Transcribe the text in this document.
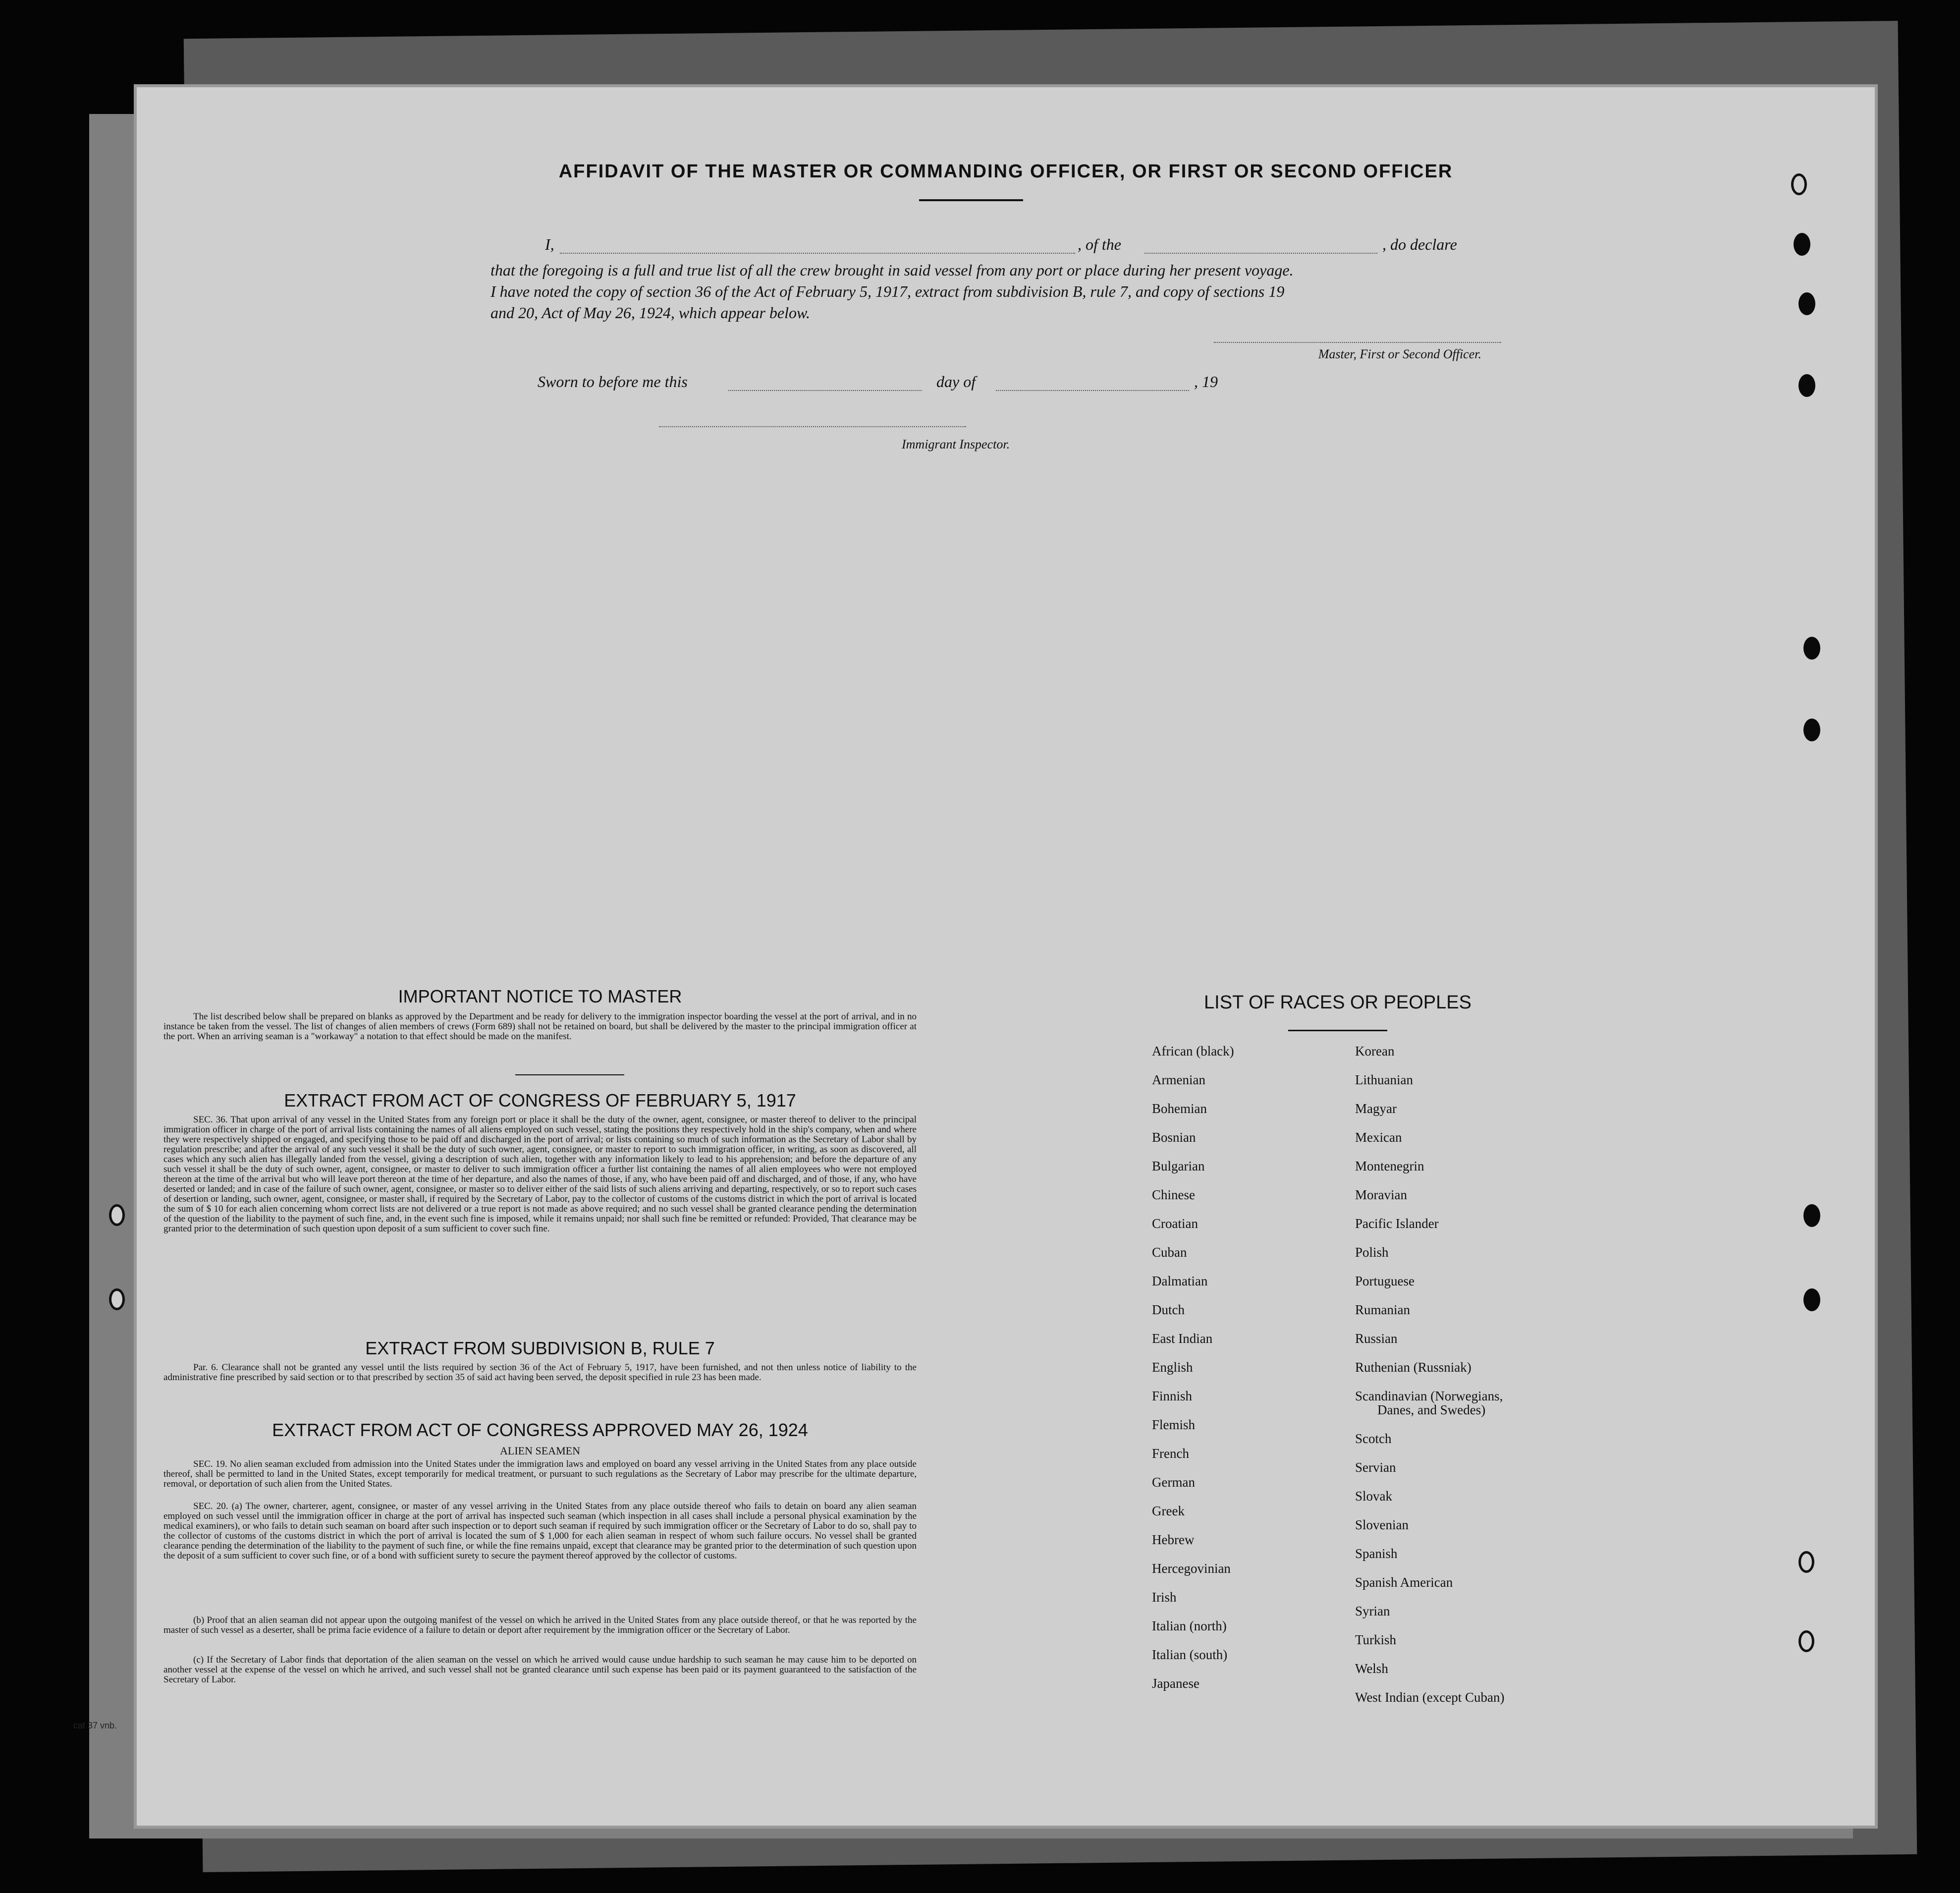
AFFIDAVIT OF THE MASTER OR COMMANDING OFFICER, OR FIRST OR SECOND OFFICER
I,	, of the	, do declare
that the foregoing is a full and true list of all the crew brought in said vessel from any port or place during her present voyage.
I have noted the copy of section 36 of the Act of February 5, 1917, extract from subdivision B, rule 7, and copy of sections 19
and 20, Act of May 26, 1924, which appear below.
Master, First or Second Officer.
Sworn to before me this	day of	, 19
Immigrant Inspector.
IMPORTANT NOTICE TO MASTER
The list described below shall be prepared on blanks as approved by the Department and be ready for delivery to the immigration inspector boarding the vessel at the port of arrival, and in no instance be taken from the vessel. The list of changes of alien members of crews (Form 689) shall not be retained on board, but shall be delivered by the master to the principal immigration officer at the port. When an arriving seaman is a "workaway" a notation to that effect should be made on the manifest.
EXTRACT FROM ACT OF CONGRESS OF FEBRUARY 5, 1917
SEC. 36. That upon arrival of any vessel in the United States from any foreign port or place it shall be the duty of the owner, agent, consignee, or master thereof to deliver to the principal immigration officer in charge of the port of arrival lists containing the names of all aliens employed on such vessel, stating the positions they respectively hold in the ship's company, when and where they were respectively shipped or engaged, and specifying those to be paid off and discharged in the port of arrival; or lists containing so much of such information as the Secretary of Labor shall by regulation prescribe; and after the arrival of any such vessel it shall be the duty of such owner, agent, consignee, or master to report to such immigration officer, in writing, as soon as discovered, all cases which any such alien has illegally landed from the vessel, giving a description of such alien, together with any information likely to lead to his apprehension; and before the departure of any such vessel it shall be the duty of such owner, agent, consignee, or master to deliver to such immigration officer a further list containing the names of all alien employees who were not employed thereon at the time of the arrival but who will leave port thereon at the time of her departure, and also the names of those, if any, who have been paid off and discharged, and of those, if any, who have deserted or landed; and in case of the failure of such owner, agent, consignee, or master so to deliver either of the said lists of such aliens arriving and departing, respectively, or so to report such cases of desertion or landing, such owner, agent, consignee, or master shall, if required by the Secretary of Labor, pay to the collector of customs of the customs district in which the port of arrival is located the sum of $ 10 for each alien concerning whom correct lists are not delivered or a true report is not made as above required; and no such vessel shall be granted clearance pending the determination of the question of the liability to the payment of such fine, and, in the event such fine is imposed, while it remains unpaid; nor shall such fine be remitted or refunded: Provided, That clearance may be granted prior to the determination of such question upon deposit of a sum sufficient to cover such fine.
EXTRACT FROM SUBDIVISION B, RULE 7
Par. 6. Clearance shall not be granted any vessel until the lists required by section 36 of the Act of February 5, 1917, have been furnished, and not then unless notice of liability to the administrative fine prescribed by said section or to that prescribed by section 35 of said act having been served, the deposit specified in rule 23 has been made.
EXTRACT FROM ACT OF CONGRESS APPROVED MAY 26, 1924
ALIEN SEAMEN
SEC. 19. No alien seaman excluded from admission into the United States under the immigration laws and employed on board any vessel arriving in the United States from any place outside thereof, shall be permitted to land in the United States, except temporarily for medical treatment, or pursuant to such regulations as the Secretary of Labor may prescribe for the ultimate departure, removal, or deportation of such alien from the United States.
SEC. 20. (a) The owner, charterer, agent, consignee, or master of any vessel arriving in the United States from any place outside thereof who fails to detain on board any alien seaman employed on such vessel until the immigration officer in charge at the port of arrival has inspected such seaman (which inspection in all cases shall include a personal physical examination by the medical examiners), or who fails to detain such seaman on board after such inspection or to deport such seaman if required by such immigration officer or the Secretary of Labor to do so, shall pay to the collector of customs of the customs district in which the port of arrival is located the sum of $ 1,000 for each alien seaman in respect of whom such failure occurs. No vessel shall be granted clearance pending the determination of the liability to the payment of such fine, or while the fine remains unpaid, except that clearance may be granted prior to the determination of such question upon the deposit of a sum sufficient to cover such fine, or of a bond with sufficient surety to secure the payment thereof approved by the collector of customs.
(b) Proof that an alien seaman did not appear upon the outgoing manifest of the vessel on which he arrived in the United States from any place outside thereof, or that he was reported by the master of such vessel as a deserter, shall be prima facie evidence of a failure to detain or deport after requirement by the immigration officer or the Secretary of Labor.
(c) If the Secretary of Labor finds that deportation of the alien seaman on the vessel on which he arrived would cause undue hardship to such seaman he may cause him to be deported on another vessel at the expense of the vessel on which he arrived, and such vessel shall not be granted clearance until such expense has been paid or its payment guaranteed to the satisfaction of the Secretary of Labor.
LIST OF RACES OR PEOPLES
African (black)
Armenian
Bohemian
Bosnian
Bulgarian
Chinese
Croatian
Cuban
Dalmatian
Dutch
East Indian
English
Finnish
Flemish
French
German
Greek
Hebrew
Hercegovinian
Irish
Italian (north)
Italian (south)
Japanese
Korean
Lithuanian
Magyar
Mexican
Montenegrin
Moravian
Pacific Islander
Polish
Portuguese
Rumanian
Russian
Ruthenian (Russniak)
Scandinavian (Norwegians,
Danes, and Swedes)
Scotch
Servian
Slovak
Slovenian
Spanish
Spanish American
Syrian
Turkish
Welsh
West Indian (except Cuban)
cat 37 vnb.
